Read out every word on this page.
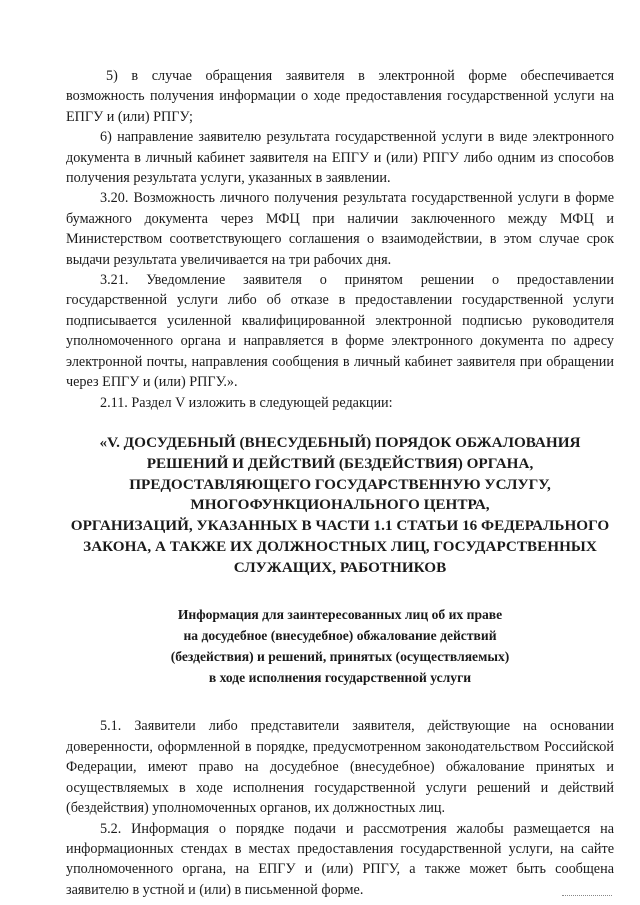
5) в случае обращения заявителя в электронной форме обеспечивается возможность получения информации о ходе предоставления государственной услуги на ЕПГУ и (или) РПГУ;

6) направление заявителю результата государственной услуги в виде электронного документа в личный кабинет заявителя на ЕПГУ и (или) РПГУ либо одним из способов получения результата услуги, указанных в заявлении.

3.20. Возможность личного получения результата государственной услуги в форме бумажного документа через МФЦ при наличии заключенного между МФЦ и Министерством соответствующего соглашения о взаимодействии, в этом случае срок выдачи результата увеличивается на три рабочих дня.

3.21. Уведомление заявителя о принятом решении о предоставлении государственной услуги либо об отказе в предоставлении государственной услуги подписывается усиленной квалифицированной электронной подписью руководителя уполномоченного органа и направляется в форме электронного документа по адресу электронной почты, направления сообщения в личный кабинет заявителя при обращении через ЕПГУ и (или) РПГУ.».

2.11. Раздел V изложить в следующей редакции:

«V. ДОСУДЕБНЫЙ (ВНЕСУДЕБНЫЙ) ПОРЯДОК ОБЖАЛОВАНИЯ
РЕШЕНИЙ И ДЕЙСТВИЙ (БЕЗДЕЙСТВИЯ) ОРГАНА,
ПРЕДОСТАВЛЯЮЩЕГО ГОСУДАРСТВЕННУЮ УСЛУГУ,
МНОГОФУНКЦИОНАЛЬНОГО ЦЕНТРА,
ОРГАНИЗАЦИЙ, УКАЗАННЫХ В ЧАСТИ 1.1 СТАТЬИ 16 ФЕДЕРАЛЬНОГО
ЗАКОНА, А ТАКЖЕ ИХ ДОЛЖНОСТНЫХ ЛИЦ, ГОСУДАРСТВЕННЫХ
СЛУЖАЩИХ, РАБОТНИКОВ
Информация для заинтересованных лиц об их праве
на досудебное (внесудебное) обжалование действий
(бездействия) и решений, принятых (осуществляемых)
в ходе исполнения государственной услуги

5.1. Заявители либо представители заявителя, действующие на основании доверенности, оформленной в порядке, предусмотренном законодательством Российской Федерации, имеют право на досудебное (внесудебное) обжалование принятых и осуществляемых в ходе исполнения государственной услуги решений и действий (бездействия) уполномоченных органов, их должностных лиц.

5.2. Информация о порядке подачи и рассмотрения жалобы размещается на информационных стендах в местах предоставления государственной услуги, на сайте уполномоченного органа, на ЕПГУ и (или) РПГУ, а также может быть сообщена заявителю в устной и (или) в письменной форме.
